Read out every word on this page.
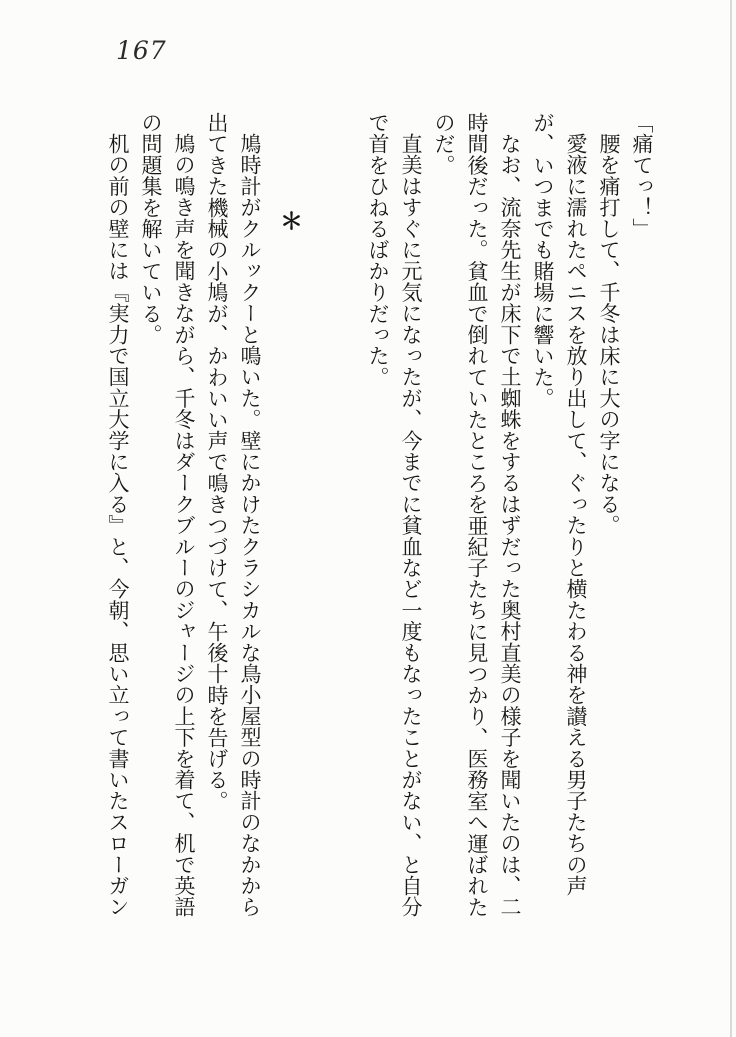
167

「痛てっ！」

腰を痛打して、千冬は床に大の字になる。

愛液に濡れたペニスを放り出して、ぐったりと横たわる神を讃える男子たちの声が、いつまでも賭場に響いた。

なお、流奈先生が床下で土蜘蛛をするはずだった奥村直美の様子を聞いたのは、二時間後だった。貧血で倒れていたところを亜紀子たちに見つかり、医務室へ運ばれたのだ。

直美はすぐに元気になったが、今までに貧血など一度もなったことがない、と自分で首をひねるばかりだった。

＊

鳩時計がクルックーと鳴いた。壁にかけたクラシカルな鳥小屋型の時計のなかから出てきた機械の小鳩が、かわいい声で鳴きつづけて、午後十時を告げる。

鳩の鳴き声を聞きながら、千冬はダークブルーのジャージの上下を着て、机で英語の問題集を解いている。

机の前の壁には『実力で国立大学に入る』と、今朝、思い立って書いたスローガン
